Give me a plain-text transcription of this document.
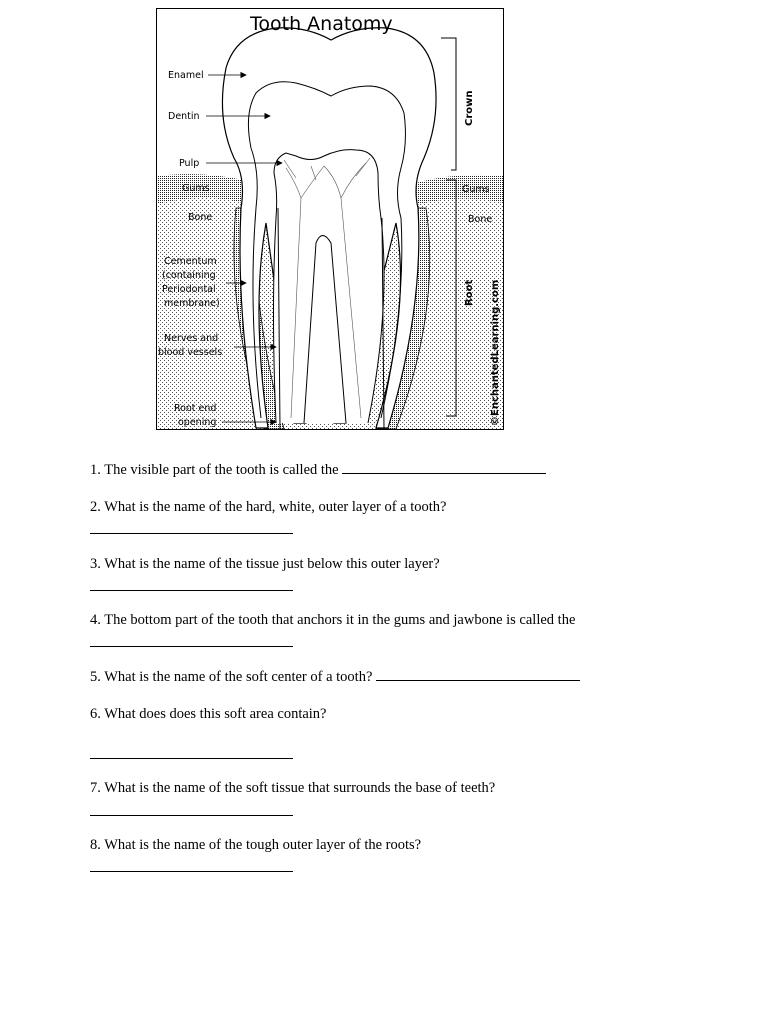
Tooth Anatomy
Enamel
Dentin
Pulp
Gums
Bone
Cementum
(containing
Periodontal
membrane)
Nerves and
blood vessels
Root end
opening
Gums
Bone
Crown
Root ©EnchantedLearning.com
1. The visible part of the tooth is called the
2. What is the name of the hard, white, outer layer of a tooth?
3. What is the name of the tissue just below this outer layer?
4. The bottom part of the tooth that anchors it in the gums and jawbone is called the
5. What is the name of the soft center of a tooth?
6. What does does this soft area contain?
7. What is the name of the soft tissue that surrounds the base of teeth?
8. What is the name of the tough outer layer of the roots?
